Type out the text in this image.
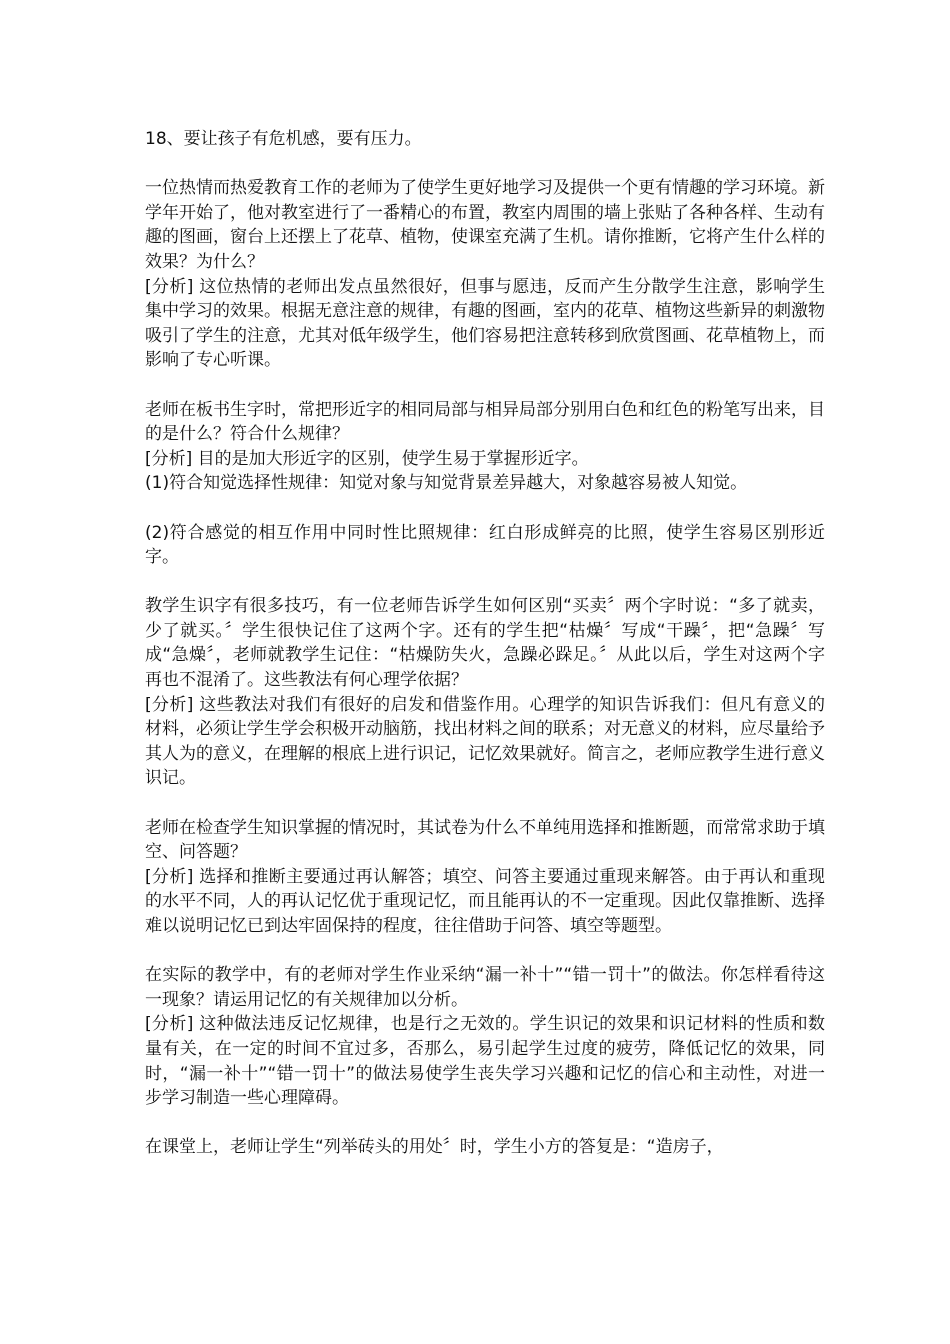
18、要让孩子有危机感，要有压力。

一位热情而热爱教育工作的老师为了使学生更好地学习及提供一个更有情趣的学习环境。新学年开始了，他对教室进行了一番精心的布置，教室内周围的墙上张贴了各种各样、生动有趣的图画，窗台上还摆上了花草、植物，使课室充满了生机。请你推断，它将产生什么样的效果？为什么？

[分析] 这位热情的老师出发点虽然很好，但事与愿违，反而产生分散学生注意，影响学生集中学习的效果。根据无意注意的规律，有趣的图画，室内的花草、植物这些新异的刺激物吸引了学生的注意，尤其对低年级学生，他们容易把注意转移到欣赏图画、花草植物上，而影响了专心听课。

老师在板书生字时，常把形近字的相同局部与相异局部分别用白色和红色的粉笔写出来，目的是什么？符合什么规律？

[分析] 目的是加大形近字的区别，使学生易于掌握形近字。

(1)符合知觉选择性规律：知觉对象与知觉背景差异越大，对象越容易被人知觉。

(2)符合感觉的相互作用中同时性比照规律：红白形成鲜亮的比照，使学生容易区别形近字。

教学生识字有很多技巧，有一位老师告诉学生如何区别“买卖〞两个字时说：“多了就卖，少了就买。〞学生很快记住了这两个字。还有的学生把“枯燥〞写成“干躁〞，把“急躁〞写成“急燥〞，老师就教学生记住：“枯燥防失火，急躁必跺足。〞从此以后，学生对这两个字再也不混淆了。这些教法有何心理学依据？

[分析] 这些教法对我们有很好的启发和借鉴作用。心理学的知识告诉我们：但凡有意义的材料，必须让学生学会积极开动脑筋，找出材料之间的联系；对无意义的材料，应尽量给予其人为的意义，在理解的根底上进行识记，记忆效果就好。简言之，老师应教学生进行意义识记。

老师在检查学生知识掌握的情况时，其试卷为什么不单纯用选择和推断题，而常常求助于填空、问答题？

[分析] 选择和推断主要通过再认解答；填空、问答主要通过重现来解答。由于再认和重现的水平不同，人的再认记忆优于重现记忆，而且能再认的不一定重现。因此仅靠推断、选择难以说明记忆已到达牢固保持的程度，往往借助于问答、填空等题型。

在实际的教学中，有的老师对学生作业采纳“漏一补十”“错一罚十”的做法。你怎样看待这一现象？请运用记忆的有关规律加以分析。

[分析] 这种做法违反记忆规律，也是行之无效的。学生识记的效果和识记材料的性质和数量有关，在一定的时间不宜过多，否那么，易引起学生过度的疲劳，降低记忆的效果，同时，“漏一补十”“错一罚十”的做法易使学生丧失学习兴趣和记忆的信心和主动性，对进一步学习制造一些心理障碍。

在课堂上，老师让学生“列举砖头的用处〞时，学生小方的答复是：“造房子，
